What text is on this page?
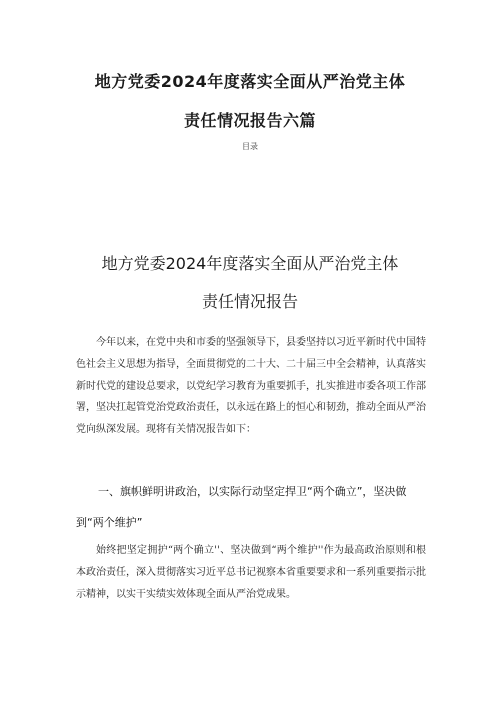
地方党委2024年度落实全面从严治党主体
责任情况报告六篇
目录
地方党委2024年度落实全面从严治党主体
责任情况报告

今年以来，在党中央和市委的坚强领导下，县委坚持以习近平新时代中国特色社会主义思想为指导，全面贯彻党的二十大、二十届三中全会精神，认真落实新时代党的建设总要求，以党纪学习教育为重要抓手，扎实推进市委各项工作部署，坚决扛起管党治党政治责任，以永远在路上的恒心和韧劲，推动全面从严治党向纵深发展。现将有关情况报告如下：

一、旗帜鲜明讲政治，以实际行动坚定捍卫“两个确立”，坚决做到“两个维护”

始终把坚定拥护“两个确立''、坚决做到“两个维护''作为最高政治原则和根本政治责任，深入贯彻落实习近平总书记视察本省重要要求和一系列重要指示批示精神，以实干实绩实效体现全面从严治党成果。
